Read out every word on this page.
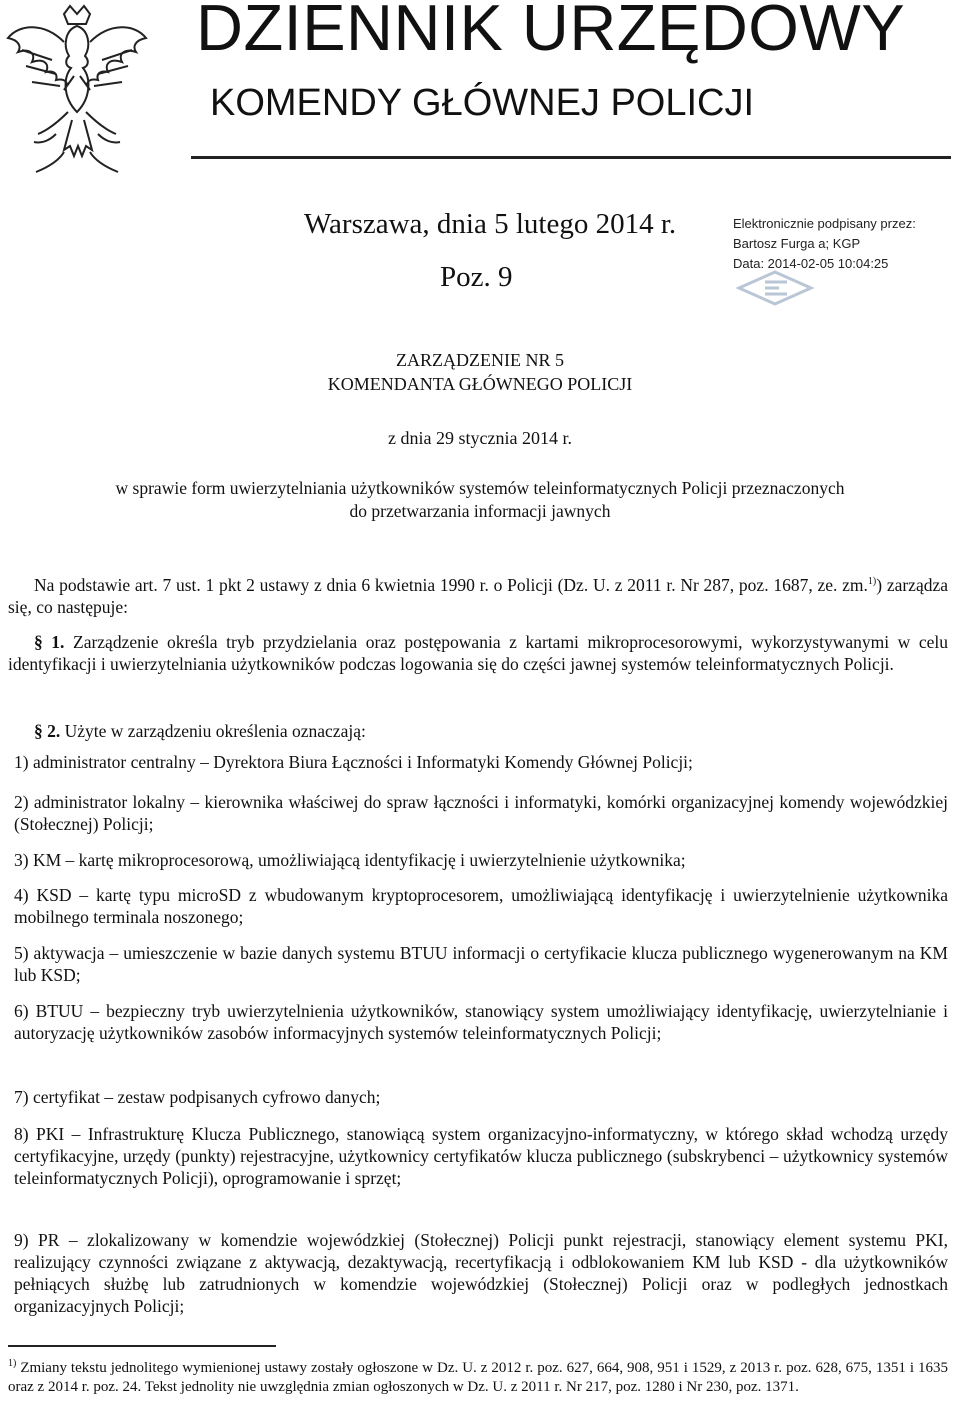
DZIENNIK URZĘDOWY
KOMENDY GŁÓWNEJ POLICJI
Warszawa, dnia 5 lutego 2014 r.
Poz. 9
Elektronicznie podpisany przez:
Bartosz Furga a; KGP
Data: 2014-02-05 10:04:25
ZARZĄDZENIE NR 5
KOMENDANTA GŁÓWNEGO POLICJI
z dnia 29 stycznia 2014 r.
w sprawie form uwierzytelniania użytkowników systemów teleinformatycznych Policji przeznaczonych
do przetwarzania informacji jawnych
Na podstawie art. 7 ust. 1 pkt 2 ustawy z dnia 6 kwietnia 1990 r. o Policji (Dz. U. z 2011 r. Nr 287, poz. 1687, ze. zm.$^{1)}$) zarządza się, co następuje:
§ 1. Zarządzenie określa tryb przydzielania oraz postępowania z kartami mikroprocesorowymi, wykorzystywanymi w celu identyfikacji i uwierzytelniania użytkowników podczas logowania się do części jawnej systemów teleinformatycznych Policji.
§ 2. Użyte w zarządzeniu określenia oznaczają:
1) administrator centralny – Dyrektora Biura Łączności i Informatyki Komendy Głównej Policji;
2) administrator lokalny – kierownika właściwej do spraw łączności i informatyki, komórki organizacyjnej komendy wojewódzkiej (Stołecznej) Policji;
3) KM – kartę mikroprocesorową, umożliwiającą identyfikację i uwierzytelnienie użytkownika;
4) KSD – kartę typu microSD z wbudowanym kryptoprocesorem, umożliwiającą identyfikację i uwierzytelnienie użytkownika mobilnego terminala noszonego;
5) aktywacja – umieszczenie w bazie danych systemu BTUU informacji o certyfikacie klucza publicznego wygenerowanym na KM lub KSD;
6) BTUU – bezpieczny tryb uwierzytelnienia użytkowników, stanowiący system umożliwiający identyfikację, uwierzytelnianie i autoryzację użytkowników zasobów informacyjnych systemów teleinformatycznych Policji;
7) certyfikat – zestaw podpisanych cyfrowo danych;
8) PKI – Infrastrukturę Klucza Publicznego, stanowiącą system organizacyjno-informatyczny, w którego skład wchodzą urzędy certyfikacyjne, urzędy (punkty) rejestracyjne, użytkownicy certyfikatów klucza publicznego (subskrybenci – użytkownicy systemów teleinformatycznych Policji), oprogramowanie i sprzęt;
9) PR – zlokalizowany w komendzie wojewódzkiej (Stołecznej) Policji punkt rejestracji, stanowiący element systemu PKI, realizujący czynności związane z aktywacją, dezaktywacją, recertyfikacją i odblokowaniem KM lub KSD - dla użytkowników pełniących służbę lub zatrudnionych w komendzie wojewódzkiej (Stołecznej) Policji oraz w podległych jednostkach organizacyjnych Policji;
$^{1)}$ Zmiany tekstu jednolitego wymienionej ustawy zostały ogłoszone w Dz. U. z 2012 r. poz. 627, 664, 908, 951 i 1529, z 2013 r. poz. 628, 675, 1351 i 1635 oraz z 2014 r. poz. 24. Tekst jednolity nie uwzględnia zmian ogłoszonych w Dz. U. z 2011 r. Nr 217, poz. 1280 i Nr 230, poz. 1371.
